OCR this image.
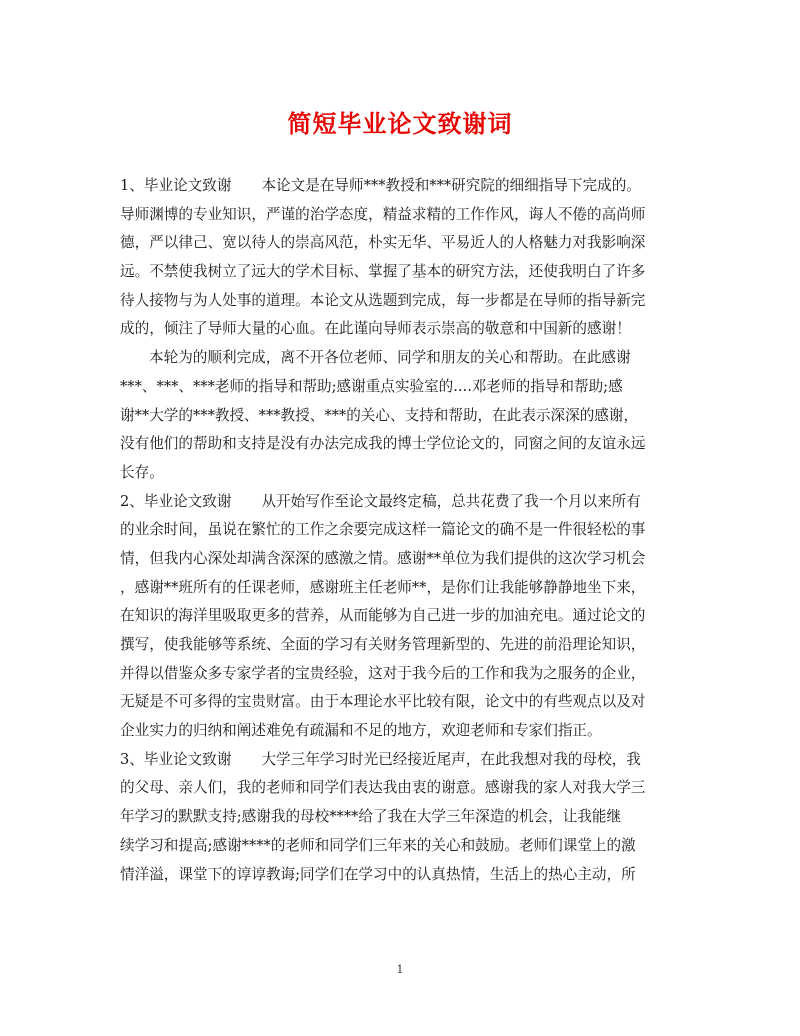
简短毕业论文致谢词
1、毕业论文致谢 本论文是在导师***教授和***研究院的细细指导下完成的。
导师渊博的专业知识，严谨的治学态度，精益求精的工作作风，诲人不倦的高尚师
德，严以律己、宽以待人的崇高风范，朴实无华、平易近人的人格魅力对我影响深
远。不禁使我树立了远大的学术目标、掌握了基本的研究方法，还使我明白了许多
待人接物与为人处事的道理。本论文从选题到完成，每一步都是在导师的指导新完
成的，倾注了导师大量的心血。在此谨向导师表示崇高的敬意和中国新的感谢！
本轮为的顺利完成，离不开各位老师、同学和朋友的关心和帮助。在此感谢
***、***、***老师的指导和帮助;感谢重点实验室的....邓老师的指导和帮助;感
谢**大学的***教授、***教授、***的关心、支持和帮助，在此表示深深的感谢，
没有他们的帮助和支持是没有办法完成我的博士学位论文的，同窗之间的友谊永远
长存。
2、毕业论文致谢 从开始写作至论文最终定稿，总共花费了我一个月以来所有
的业余时间，虽说在繁忙的工作之余要完成这样一篇论文的确不是一件很轻松的事
情，但我内心深处却满含深深的感激之情。感谢**单位为我们提供的这次学习机会
，感谢**班所有的任课老师，感谢班主任老师**，是你们让我能够静静地坐下来，
在知识的海洋里吸取更多的营养，从而能够为自己进一步的加油充电。通过论文的
撰写，使我能够等系统、全面的学习有关财务管理新型的、先进的前沿理论知识，
并得以借鉴众多专家学者的宝贵经验，这对于我今后的工作和我为之服务的企业，
无疑是不可多得的宝贵财富。由于本理论水平比较有限，论文中的有些观点以及对
企业实力的归纳和阐述难免有疏漏和不足的地方，欢迎老师和专家们指正。
3、毕业论文致谢 大学三年学习时光已经接近尾声，在此我想对我的母校，我
的父母、亲人们，我的老师和同学们表达我由衷的谢意。感谢我的家人对我大学三
年学习的默默支持;感谢我的母校****给了我在大学三年深造的机会，让我能继
续学习和提高;感谢****的老师和同学们三年来的关心和鼓励。老师们课堂上的激
情洋溢，课堂下的谆谆教诲;同学们在学习中的认真热情，生活上的热心主动，所
1
